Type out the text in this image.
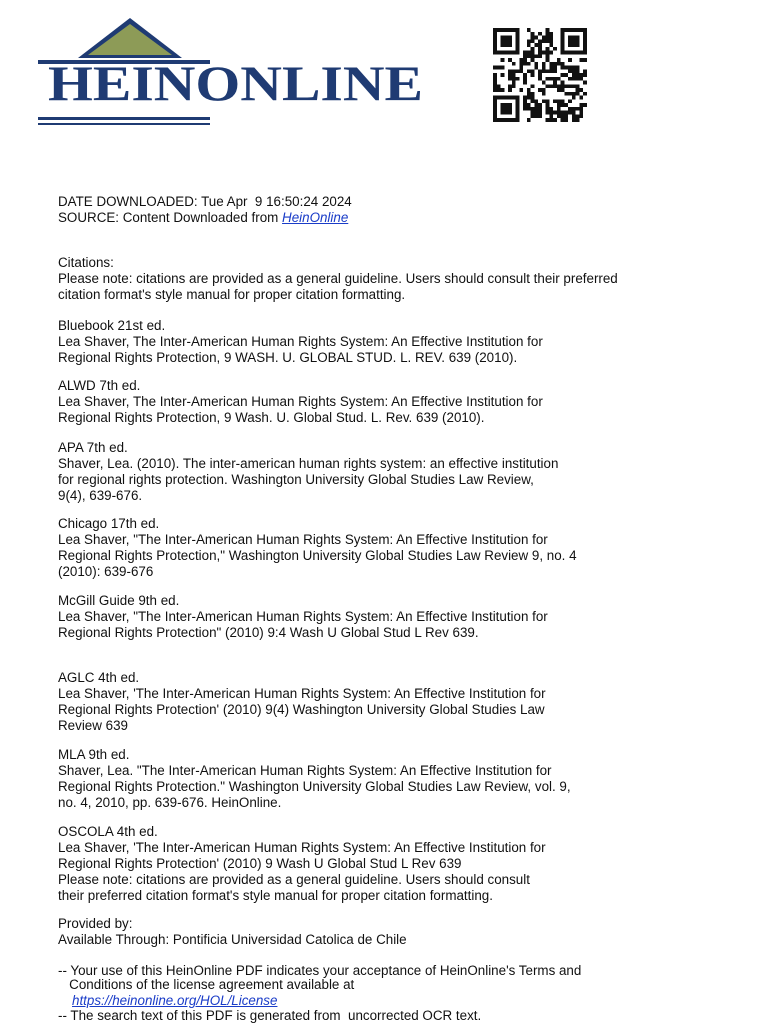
HEINONLINE
DATE DOWNLOADED: Tue Apr  9 16:50:24 2024
SOURCE: Content Downloaded from HeinOnline
Citations:
Please note: citations are provided as a general guideline. Users should consult their preferred
citation format's style manual for proper citation formatting.
Bluebook 21st ed.
Lea Shaver, The Inter-American Human Rights System: An Effective Institution for
Regional Rights Protection, 9 WASH. U. GLOBAL STUD. L. REV. 639 (2010).
ALWD 7th ed.
Lea Shaver, The Inter-American Human Rights System: An Effective Institution for
Regional Rights Protection, 9 Wash. U. Global Stud. L. Rev. 639 (2010).
APA 7th ed.
Shaver, Lea. (2010). The inter-american human rights system: an effective institution
for regional rights protection. Washington University Global Studies Law Review,
9(4), 639-676.
Chicago 17th ed.
Lea Shaver, "The Inter-American Human Rights System: An Effective Institution for
Regional Rights Protection," Washington University Global Studies Law Review 9, no. 4
(2010): 639-676
McGill Guide 9th ed.
Lea Shaver, "The Inter-American Human Rights System: An Effective Institution for
Regional Rights Protection" (2010) 9:4 Wash U Global Stud L Rev 639.
AGLC 4th ed.
Lea Shaver, 'The Inter-American Human Rights System: An Effective Institution for
Regional Rights Protection' (2010) 9(4) Washington University Global Studies Law
Review 639
MLA 9th ed.
Shaver, Lea. "The Inter-American Human Rights System: An Effective Institution for
Regional Rights Protection." Washington University Global Studies Law Review, vol. 9,
no. 4, 2010, pp. 639-676. HeinOnline.
OSCOLA 4th ed.
Lea Shaver, 'The Inter-American Human Rights System: An Effective Institution for
Regional Rights Protection' (2010) 9 Wash U Global Stud L Rev 639
Please note: citations are provided as a general guideline. Users should consult
their preferred citation format's style manual for proper citation formatting.
Provided by:
Available Through: Pontificia Universidad Catolica de Chile
-- Your use of this HeinOnline PDF indicates your acceptance of HeinOnline's Terms and
Conditions of the license agreement available at
https://heinonline.org/HOL/License
-- The search text of this PDF is generated from  uncorrected OCR text.
